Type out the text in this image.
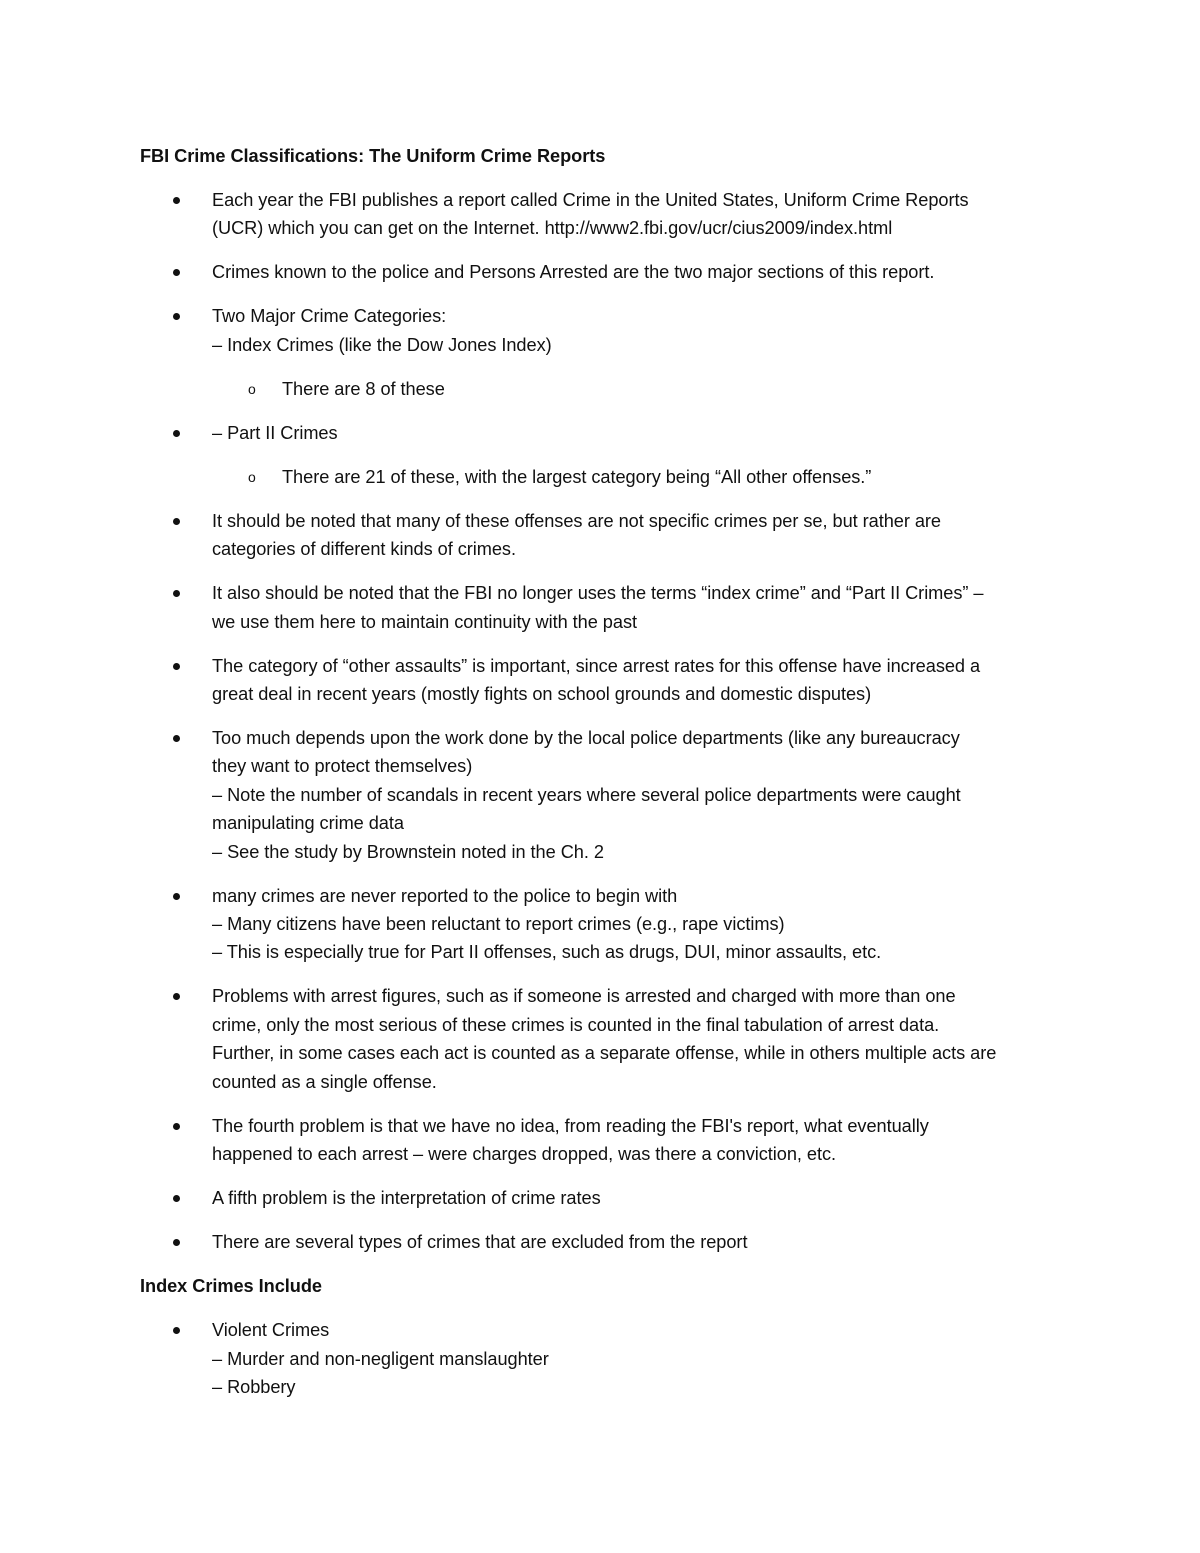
FBI Crime Classifications: The Uniform Crime Reports
Each year the FBI publishes a report called Crime in the United States, Uniform Crime Reports
(UCR) which you can get on the Internet. http://www2.fbi.gov/ucr/cius2009/index.html
Crimes known to the police and Persons Arrested are the two major sections of this report.
Two Major Crime Categories:
– Index Crimes (like the Dow Jones Index)
o There are 8 of these
– Part II Crimes
o There are 21 of these, with the largest category being “All other offenses.”
It should be noted that many of these offenses are not specific crimes per se, but rather are
categories of different kinds of crimes.
It also should be noted that the FBI no longer uses the terms “index crime” and “Part II Crimes” –
we use them here to maintain continuity with the past
The category of “other assaults” is important, since arrest rates for this offense have increased a
great deal in recent years (mostly fights on school grounds and domestic disputes)
Too much depends upon the work done by the local police departments (like any bureaucracy
they want to protect themselves)
– Note the number of scandals in recent years where several police departments were caught
manipulating crime data
– See the study by Brownstein noted in the Ch. 2
many crimes are never reported to the police to begin with
– Many citizens have been reluctant to report crimes (e.g., rape victims)
– This is especially true for Part II offenses, such as drugs, DUI, minor assaults, etc.
Problems with arrest figures, such as if someone is arrested and charged with more than one
crime, only the most serious of these crimes is counted in the final tabulation of arrest data.
Further, in some cases each act is counted as a separate offense, while in others multiple acts are
counted as a single offense.
The fourth problem is that we have no idea, from reading the FBI's report, what eventually
happened to each arrest – were charges dropped, was there a conviction, etc.
A fifth problem is the interpretation of crime rates
There are several types of crimes that are excluded from the report
Index Crimes Include
Violent Crimes
– Murder and non-negligent manslaughter
– Robbery
